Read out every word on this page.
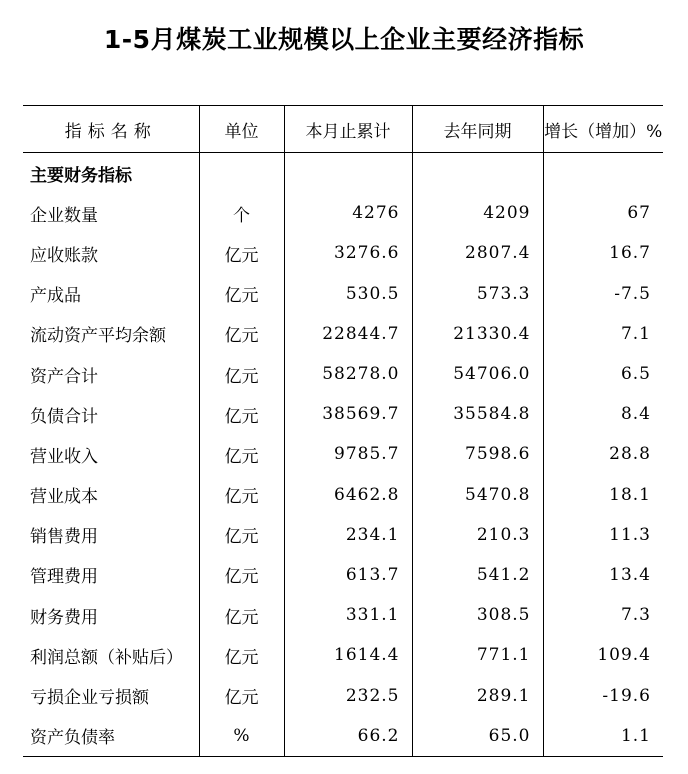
1-5月煤炭工业规模以上企业主要经济指标
指标名称	单位	本月止累计	去年同期	增长（增加）%
主要财务指标				
企业数量	个	4276	4209	67
应收账款	亿元	3276.6	2807.4	16.7
产成品	亿元	530.5	573.3	-7.5
流动资产平均余额	亿元	22844.7	21330.4	7.1
资产合计	亿元	58278.0	54706.0	6.5
负债合计	亿元	38569.7	35584.8	8.4
营业收入	亿元	9785.7	7598.6	28.8
营业成本	亿元	6462.8	5470.8	18.1
销售费用	亿元	234.1	210.3	11.3
管理费用	亿元	613.7	541.2	13.4
财务费用	亿元	331.1	308.5	7.3
利润总额（补贴后）	亿元	1614.4	771.1	109.4
亏损企业亏损额	亿元	232.5	289.1	-19.6
资产负债率	%	66.2	65.0	1.1
